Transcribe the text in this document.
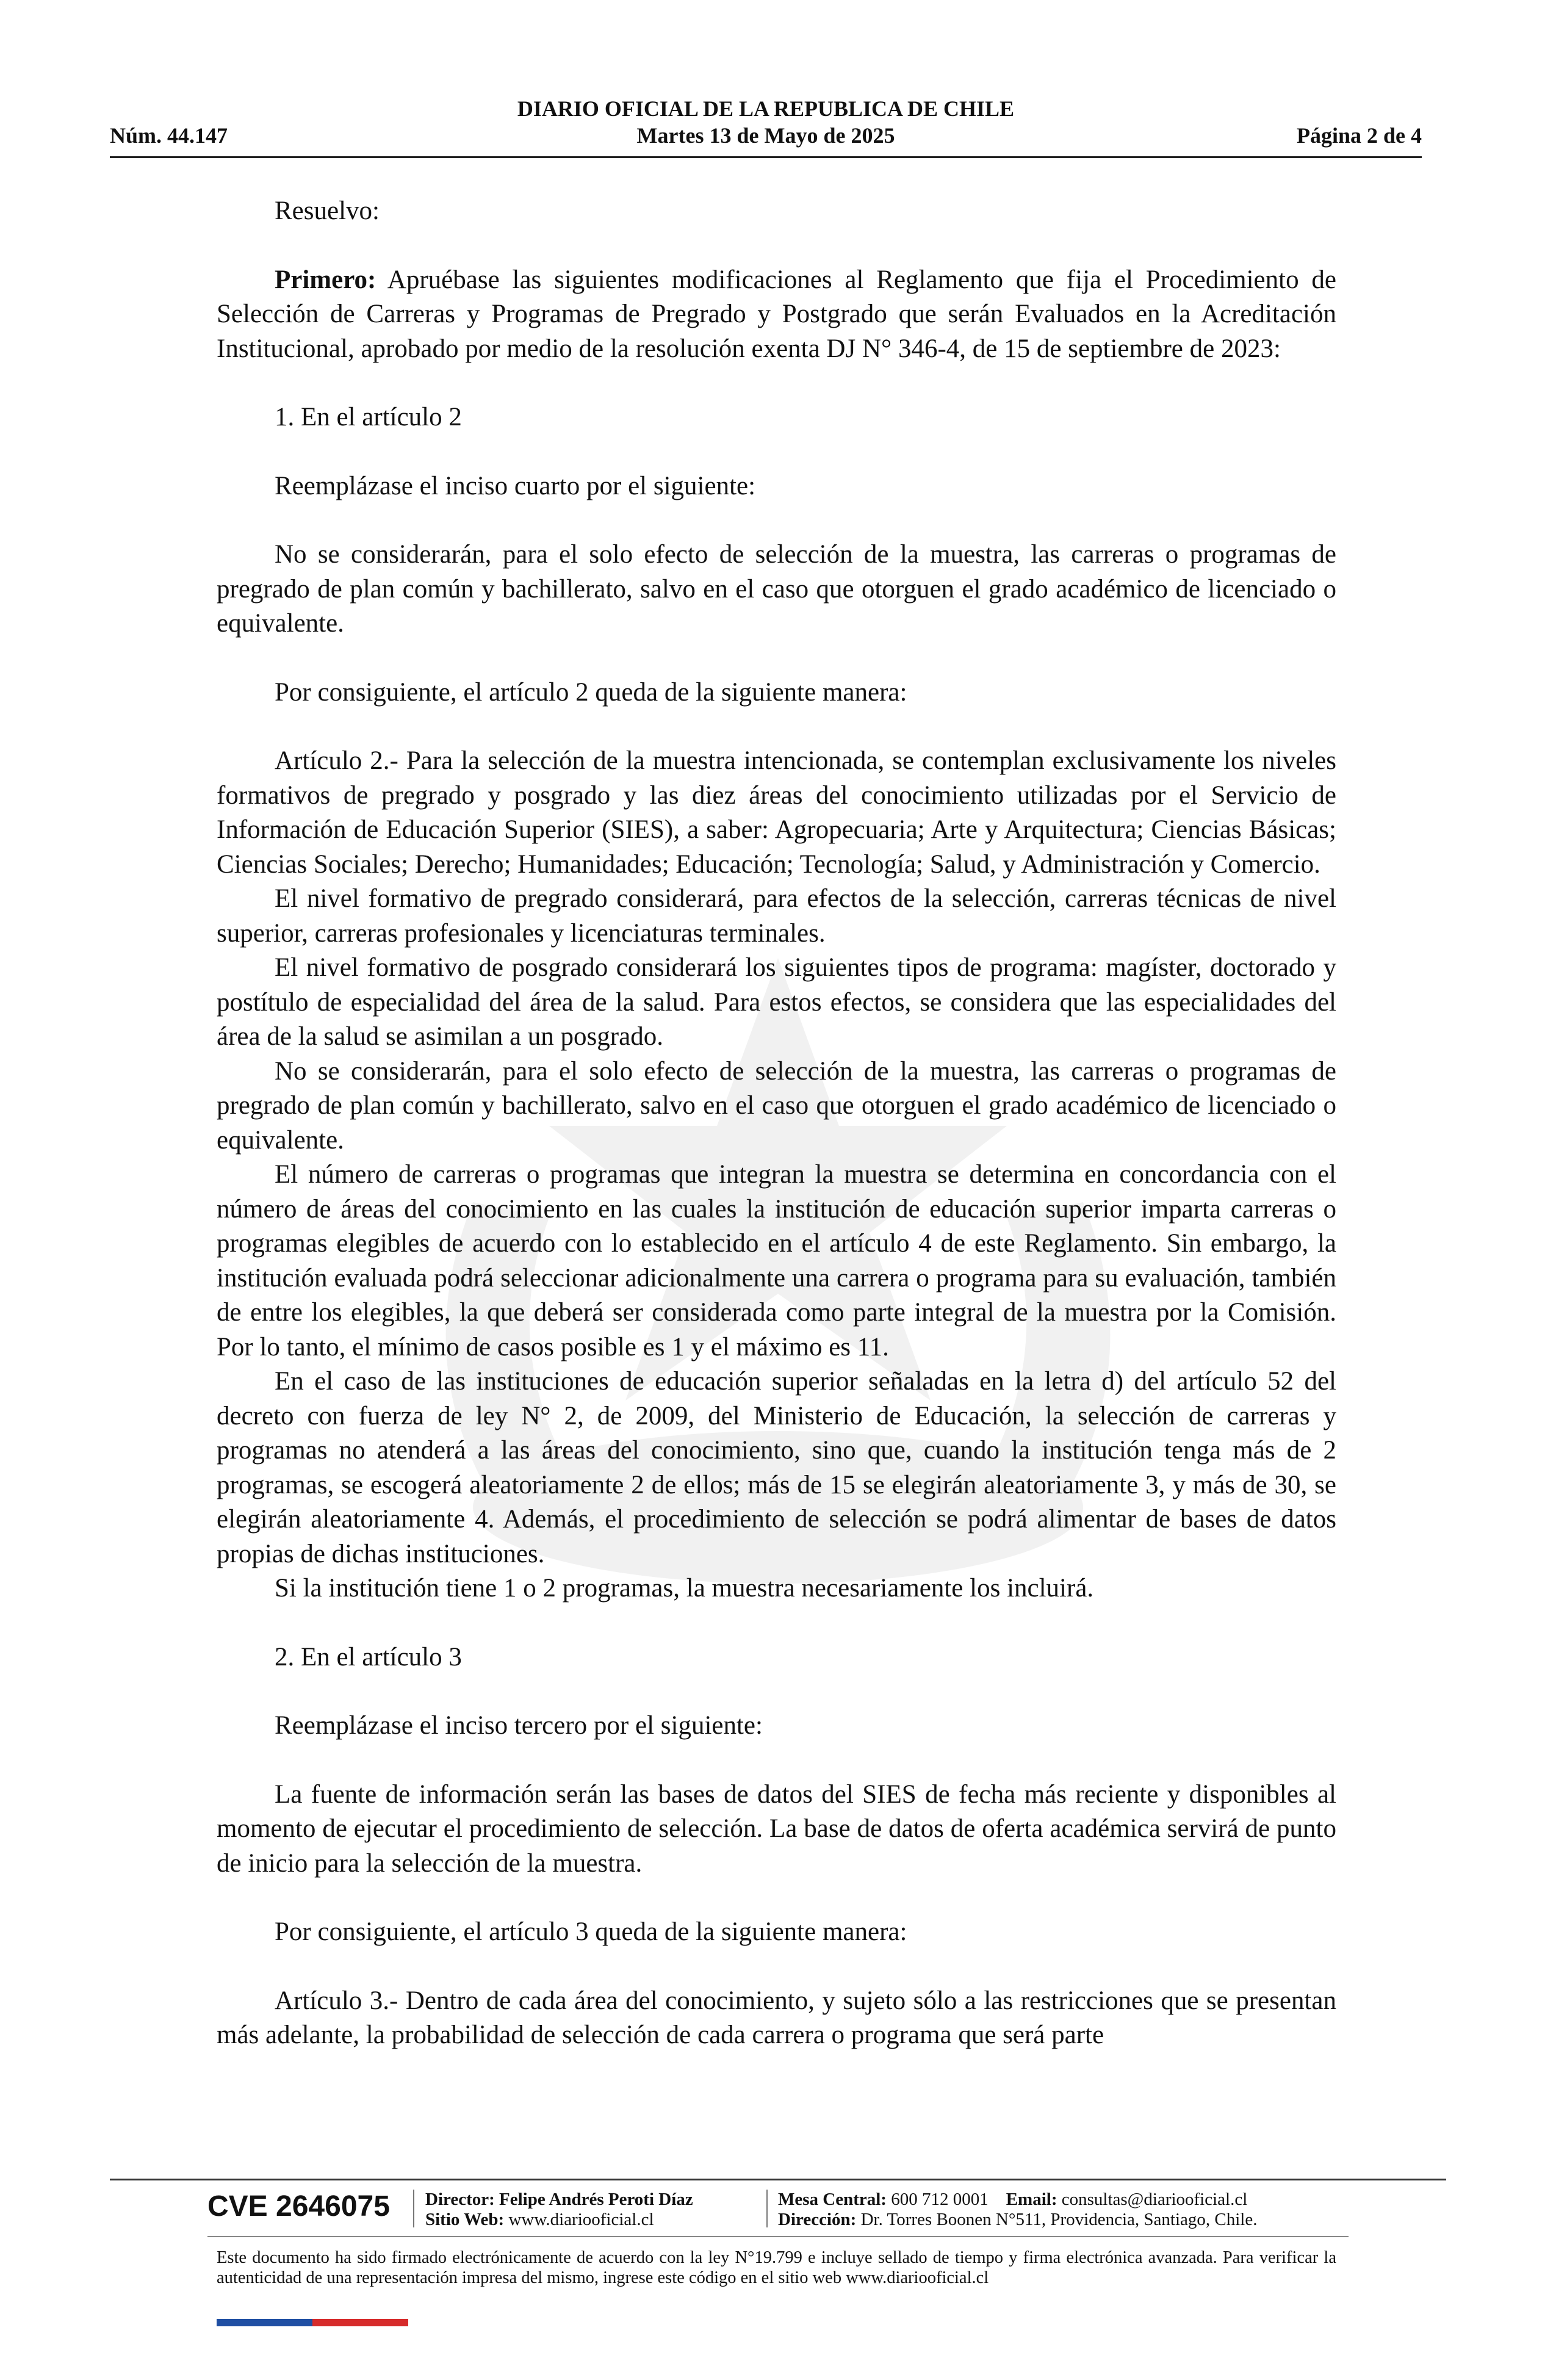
DIARIO OFICIAL DE LA REPUBLICA DE CHILE
Núm. 44.147	Martes 13 de Mayo de 2025	Página 2 de 4

Resuelvo:

Primero: Apruébase las siguientes modificaciones al Reglamento que fija el Procedimiento de Selección de Carreras y Programas de Pregrado y Postgrado que serán Evaluados en la Acreditación Institucional, aprobado por medio de la resolución exenta DJ N° 346-4, de 15 de septiembre de 2023:

1. En el artículo 2

Reemplázase el inciso cuarto por el siguiente:

No se considerarán, para el solo efecto de selección de la muestra, las carreras o programas de pregrado de plan común y bachillerato, salvo en el caso que otorguen el grado académico de licenciado o equivalente.

Por consiguiente, el artículo 2 queda de la siguiente manera:

Artículo 2.- Para la selección de la muestra intencionada, se contemplan exclusivamente los niveles formativos de pregrado y posgrado y las diez áreas del conocimiento utilizadas por el Servicio de Información de Educación Superior (SIES), a saber: Agropecuaria; Arte y Arquitectura; Ciencias Básicas; Ciencias Sociales; Derecho; Humanidades; Educación; Tecnología; Salud, y Administración y Comercio.

El nivel formativo de pregrado considerará, para efectos de la selección, carreras técnicas de nivel superior, carreras profesionales y licenciaturas terminales.

El nivel formativo de posgrado considerará los siguientes tipos de programa: magíster, doctorado y postítulo de especialidad del área de la salud. Para estos efectos, se considera que las especialidades del área de la salud se asimilan a un posgrado.

No se considerarán, para el solo efecto de selección de la muestra, las carreras o programas de pregrado de plan común y bachillerato, salvo en el caso que otorguen el grado académico de licenciado o equivalente.

El número de carreras o programas que integran la muestra se determina en concordancia con el número de áreas del conocimiento en las cuales la institución de educación superior imparta carreras o programas elegibles de acuerdo con lo establecido en el artículo 4 de este Reglamento. Sin embargo, la institución evaluada podrá seleccionar adicionalmente una carrera o programa para su evaluación, también de entre los elegibles, la que deberá ser considerada como parte integral de la muestra por la Comisión. Por lo tanto, el mínimo de casos posible es 1 y el máximo es 11.

En el caso de las instituciones de educación superior señaladas en la letra d) del artículo 52 del decreto con fuerza de ley N° 2, de 2009, del Ministerio de Educación, la selección de carreras y programas no atenderá a las áreas del conocimiento, sino que, cuando la institución tenga más de 2 programas, se escogerá aleatoriamente 2 de ellos; más de 15 se elegirán aleatoriamente 3, y más de 30, se elegirán aleatoriamente 4. Además, el procedimiento de selección se podrá alimentar de bases de datos propias de dichas instituciones.

Si la institución tiene 1 o 2 programas, la muestra necesariamente los incluirá.

2. En el artículo 3

Reemplázase el inciso tercero por el siguiente:

La fuente de información serán las bases de datos del SIES de fecha más reciente y disponibles al momento de ejecutar el procedimiento de selección. La base de datos de oferta académica servirá de punto de inicio para la selección de la muestra.

Por consiguiente, el artículo 3 queda de la siguiente manera:

Artículo 3.- Dentro de cada área del conocimiento, y sujeto sólo a las restricciones que se presentan más adelante, la probabilidad de selección de cada carrera o programa que será parte

CVE 2646075 Director: Felipe Andrés Peroti Díaz
Sitio Web: www.diariooficial.cl
Mesa Central: 600 712 0001 Email: consultas@diariooficial.cl
Dirección: Dr. Torres Boonen N°511, Providencia, Santiago, Chile.
Este documento ha sido firmado electrónicamente de acuerdo con la ley N°19.799 e incluye sellado de tiempo y firma electrónica avanzada. Para verificar la autenticidad de una representación impresa del mismo, ingrese este código en el sitio web www.diariooficial.cl
